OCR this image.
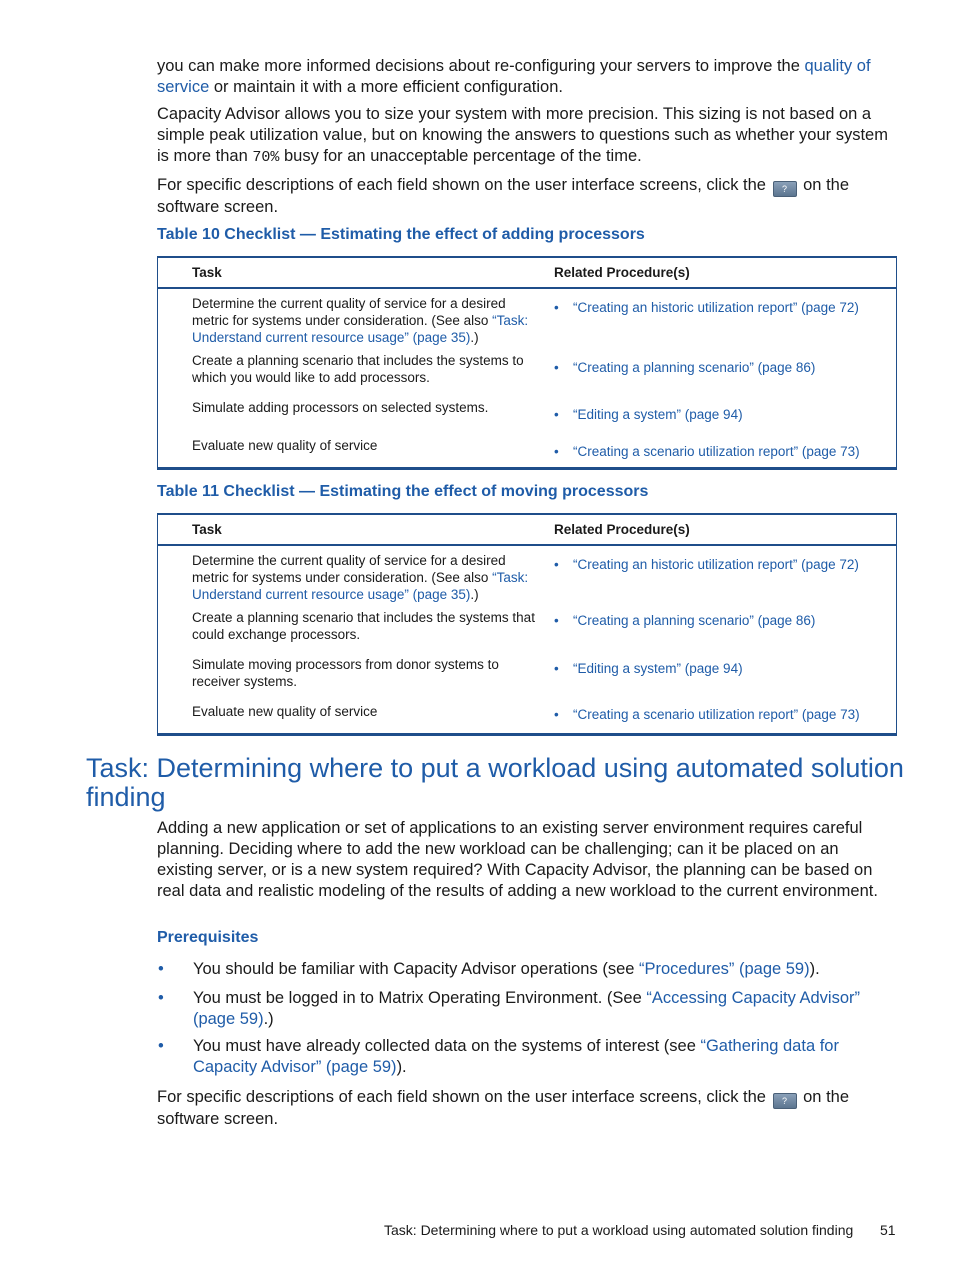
you can make more informed decisions about re-configuring your servers to improve the quality of service or maintain it with a more efficient configuration.

Capacity Advisor allows you to size your system with more precision. This sizing is not based on a simple peak utilization value, but on knowing the answers to questions such as whether your system is more than 70% busy for an unacceptable percentage of the time.

For specific descriptions of each field shown on the user interface screens, click the ? on the software screen.

Table 10 Checklist — Estimating the effect of adding processors
Task	Related Procedure(s)
Determine the current quality of service for a desired metric for systems under consideration. (See also “Task: Understand current resource usage” (page 35).)	• “Creating an historic utilization report” (page 72)

Create a planning scenario that includes the systems to which you would like to add processors.	• “Creating a planning scenario” (page 86)

Simulate adding processors on selected systems.	• “Editing a system” (page 94)

Evaluate new quality of service	• “Creating a scenario utilization report” (page 73)
Table 11 Checklist — Estimating the effect of moving processors
Task	Related Procedure(s)
Determine the current quality of service for a desired metric for systems under consideration. (See also “Task: Understand current resource usage” (page 35).)	• “Creating an historic utilization report” (page 72)

Create a planning scenario that includes the systems that could exchange processors.	• “Creating a planning scenario” (page 86)

Simulate moving processors from donor systems to receiver systems.	• “Editing a system” (page 94)

Evaluate new quality of service	• “Creating a scenario utilization report” (page 73)
Task: Determining where to put a workload using automated solution finding

Adding a new application or set of applications to an existing server environment requires careful planning. Deciding where to add the new workload can be challenging; can it be placed on an existing server, or is a new system required? With Capacity Advisor, the planning can be based on real data and realistic modeling of the results of adding a new workload to the current environment.

Prerequisites
•	You should be familiar with Capacity Advisor operations (see “Procedures” (page 59)).
•	You must be logged in to Matrix Operating Environment. (See “Accessing Capacity Advisor” (page 59).)
•	You must have already collected data on the systems of interest (see “Gathering data for Capacity Advisor” (page 59)).

For specific descriptions of each field shown on the user interface screens, click the ? on the software screen.

Task: Determining where to put a workload using automated solution finding 51
